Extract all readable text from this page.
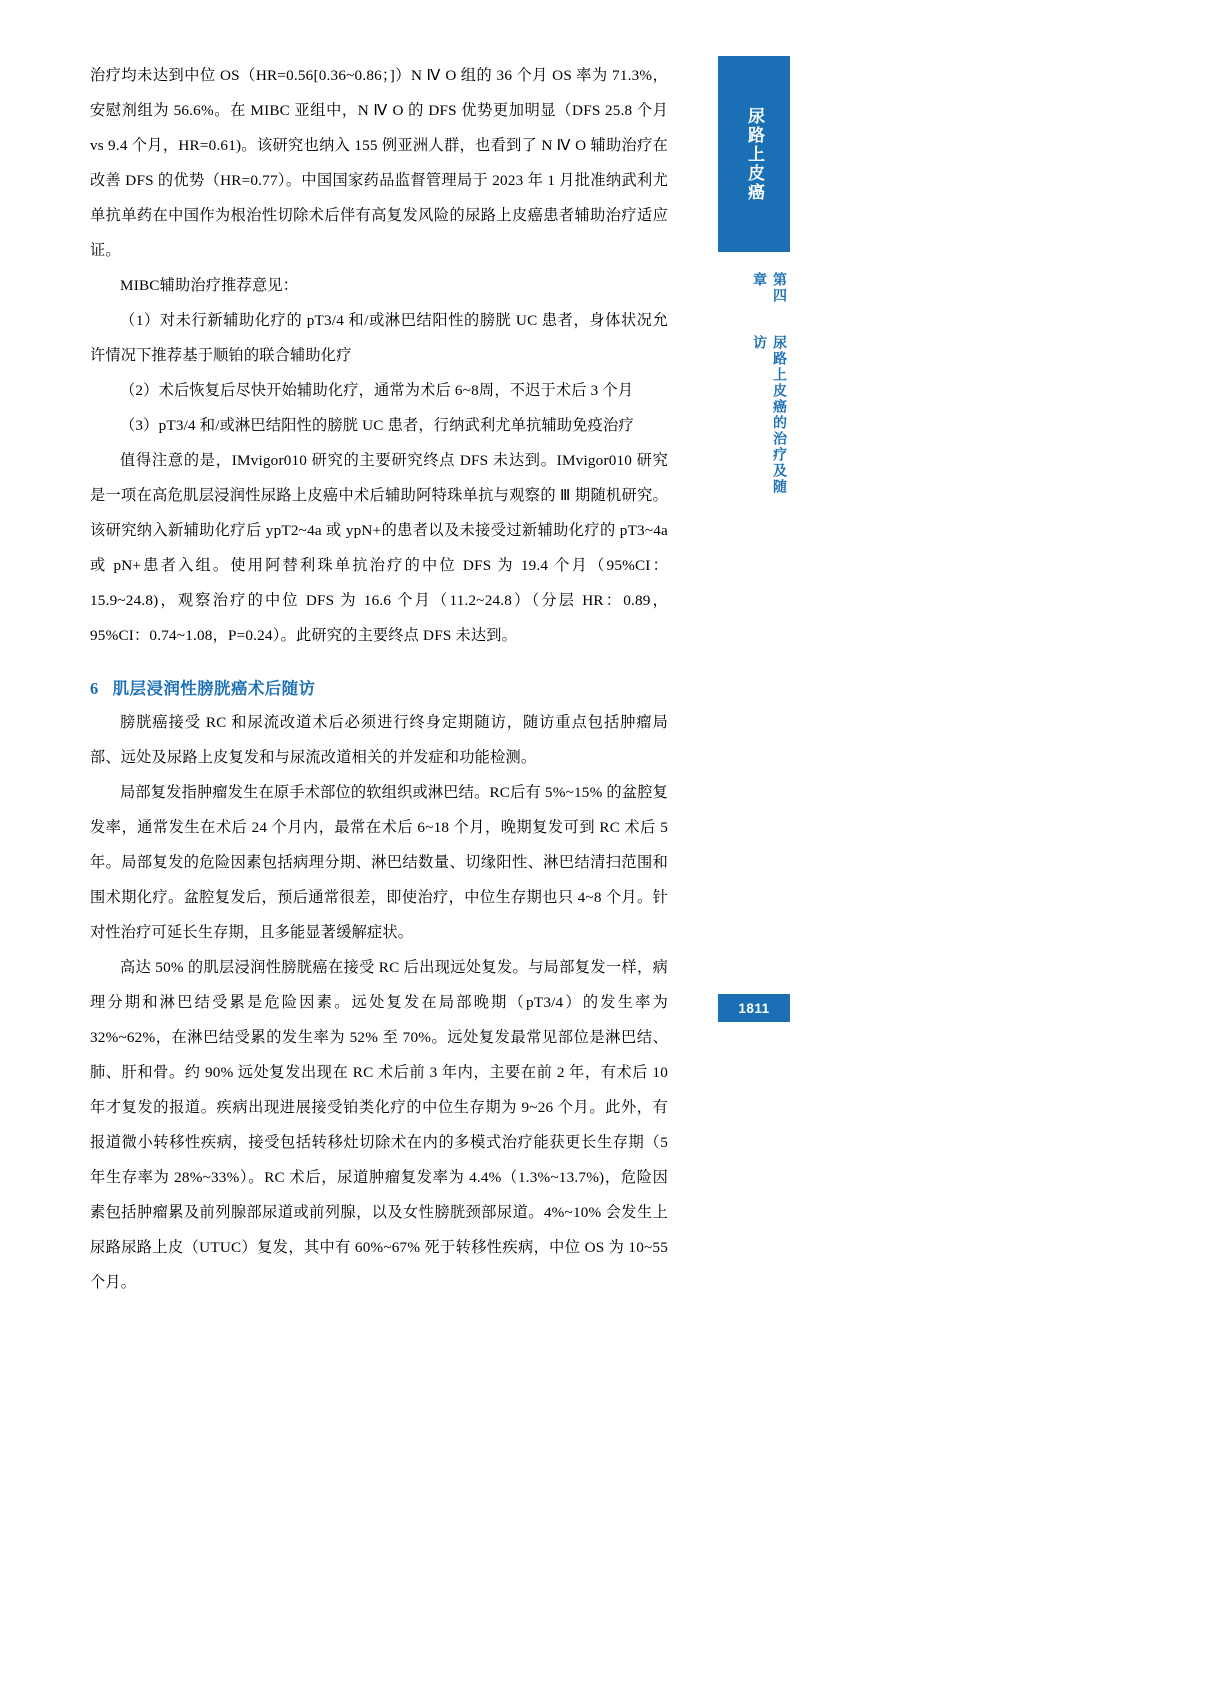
治疗均未达到中位 OS（HR=0.56[0.36~0.86；]）N Ⅳ O 组的 36 个月 OS 率为 71.3%，安慰剂组为 56.6%。在 MIBC 亚组中，N Ⅳ O 的 DFS 优势更加明显（DFS 25.8 个月 vs 9.4 个月，HR=0.61)。该研究也纳入 155 例亚洲人群，也看到了 N Ⅳ O 辅助治疗在改善 DFS 的优势（HR=0.77）。中国国家药品监督管理局于 2023 年 1 月批准纳武利尤单抗单药在中国作为根治性切除术后伴有高复发风险的尿路上皮癌患者辅助治疗适应证。

MIBC辅助治疗推荐意见：

（1）对未行新辅助化疗的 pT3/4 和/或淋巴结阳性的膀胱 UC 患者，身体状况允许情况下推荐基于顺铂的联合辅助化疗

（2）术后恢复后尽快开始辅助化疗，通常为术后 6~8周，不迟于术后 3 个月

（3）pT3/4 和/或淋巴结阳性的膀胱 UC 患者，行纳武利尤单抗辅助免疫治疗

值得注意的是，IMvigor010 研究的主要研究终点 DFS 未达到。IMvigor010 研究是一项在高危肌层浸润性尿路上皮癌中术后辅助阿特珠单抗与观察的 Ⅲ 期随机研究。该研究纳入新辅助化疗后 ypT2~4a 或 ypN+的患者以及未接受过新辅助化疗的 pT3~4a 或 pN+患者入组。使用阿替利珠单抗治疗的中位 DFS 为 19.4 个月（95%CI：15.9~24.8)，观察治疗的中位 DFS 为 16.6 个月（11.2~24.8）（分层 HR：0.89，95%CI：0.74~1.08，P=0.24）。此研究的主要终点 DFS 未达到。

6 肌层浸润性膀胱癌术后随访

膀胱癌接受 RC 和尿流改道术后必须进行终身定期随访，随访重点包括肿瘤局部、远处及尿路上皮复发和与尿流改道相关的并发症和功能检测。

局部复发指肿瘤发生在原手术部位的软组织或淋巴结。RC后有 5%~15% 的盆腔复发率，通常发生在术后 24 个月内，最常在术后 6~18 个月，晚期复发可到 RC 术后 5 年。局部复发的危险因素包括病理分期、淋巴结数量、切缘阳性、淋巴结清扫范围和围术期化疗。盆腔复发后，预后通常很差，即使治疗，中位生存期也只 4~8 个月。针对性治疗可延长生存期，且多能显著缓解症状。

高达 50% 的肌层浸润性膀胱癌在接受 RC 后出现远处复发。与局部复发一样，病理分期和淋巴结受累是危险因素。远处复发在局部晚期（pT3/4）的发生率为 32%~62%，在淋巴结受累的发生率为 52% 至 70%。远处复发最常见部位是淋巴结、肺、肝和骨。约 90% 远处复发出现在 RC 术后前 3 年内，主要在前 2 年，有术后 10 年才复发的报道。疾病出现进展接受铂类化疗的中位生存期为 9~26 个月。此外，有报道微小转移性疾病，接受包括转移灶切除术在内的多模式治疗能获更长生存期（5 年生存率为 28%~33%）。RC 术后，尿道肿瘤复发率为 4.4%（1.3%~13.7%)，危险因素包括肿瘤累及前列腺部尿道或前列腺，以及女性膀胱颈部尿道。4%~10% 会发生上尿路尿路上皮（UTUC）复发，其中有 60%~67% 死于转移性疾病，中位 OS 为 10~55 个月。

尿路上皮癌
第四章
尿路上皮癌的治疗及随访
1811
